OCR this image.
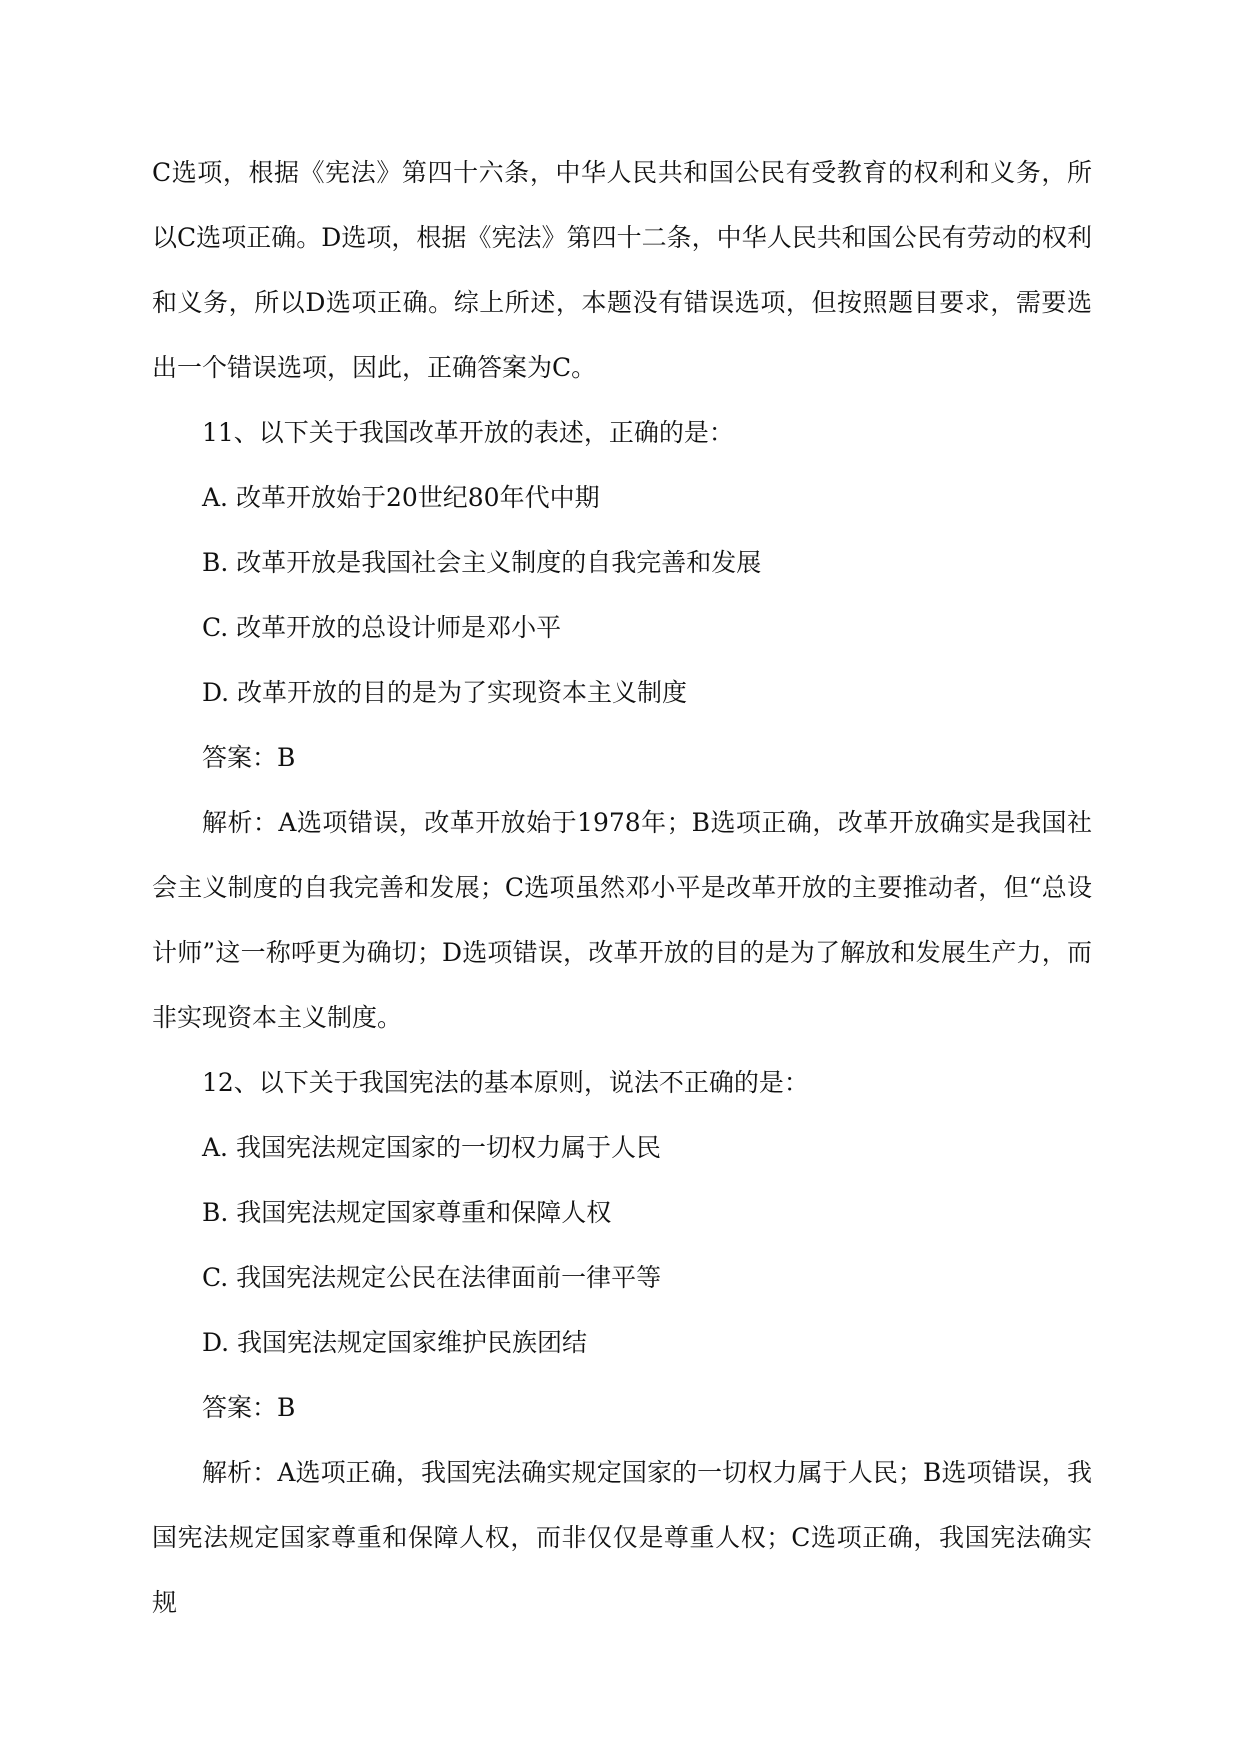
C选项，根据《宪法》第四十六条，中华人民共和国公民有受教育的权利和义务，所以C选项正确。D选项，根据《宪法》第四十二条，中华人民共和国公民有劳动的权利和义务，所以D选项正确。综上所述，本题没有错误选项，但按照题目要求，需要选出一个错误选项，因此，正确答案为C。

11、以下关于我国改革开放的表述，正确的是：

A. 改革开放始于20世纪80年代中期

B. 改革开放是我国社会主义制度的自我完善和发展

C. 改革开放的总设计师是邓小平

D. 改革开放的目的是为了实现资本主义制度

答案：B

解析：A选项错误，改革开放始于1978年；B选项正确，改革开放确实是我国社会主义制度的自我完善和发展；C选项虽然邓小平是改革开放的主要推动者，但“总设计师”这一称呼更为确切；D选项错误，改革开放的目的是为了解放和发展生产力，而非实现资本主义制度。

12、以下关于我国宪法的基本原则，说法不正确的是：

A. 我国宪法规定国家的一切权力属于人民

B. 我国宪法规定国家尊重和保障人权

C. 我国宪法规定公民在法律面前一律平等

D. 我国宪法规定国家维护民族团结

答案：B

解析：A选项正确，我国宪法确实规定国家的一切权力属于人民；B选项错误，我国宪法规定国家尊重和保障人权，而非仅仅是尊重人权；C选项正确，我国宪法确实规
